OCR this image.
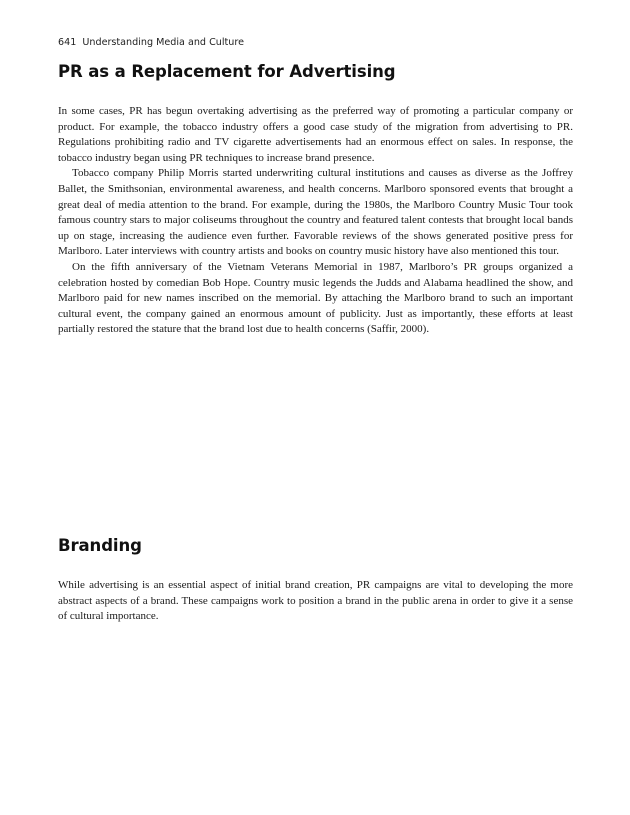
641 Understanding Media and Culture
PR as a Replacement for Advertising

In some cases, PR has begun overtaking advertising as the preferred way of promoting a particular company or product. For example, the tobacco industry offers a good case study of the migration from advertising to PR. Regulations prohibiting radio and TV cigarette advertisements had an enormous effect on sales. In response, the tobacco industry began using PR techniques to increase brand presence.

Tobacco company Philip Morris started underwriting cultural institutions and causes as diverse as the Joffrey Ballet, the Smithsonian, environmental awareness, and health concerns. Marlboro sponsored events that brought a great deal of media attention to the brand. For example, during the 1980s, the Marlboro Country Music Tour took famous country stars to major coliseums throughout the country and featured talent contests that brought local bands up on stage, increasing the audience even further. Favorable reviews of the shows generated positive press for Marlboro. Later interviews with country artists and books on country music history have also mentioned this tour.

On the fifth anniversary of the Vietnam Veterans Memorial in 1987, Marlboro’s PR groups organized a celebration hosted by comedian Bob Hope. Country music legends the Judds and Alabama headlined the show, and Marlboro paid for new names inscribed on the memorial. By attaching the Marlboro brand to such an important cultural event, the company gained an enormous amount of publicity. Just as importantly, these efforts at least partially restored the stature that the brand lost due to health concerns (Saffir, 2000).

Branding

While advertising is an essential aspect of initial brand creation, PR campaigns are vital to developing the more abstract aspects of a brand. These campaigns work to position a brand in the public arena in order to give it a sense of cultural importance.
